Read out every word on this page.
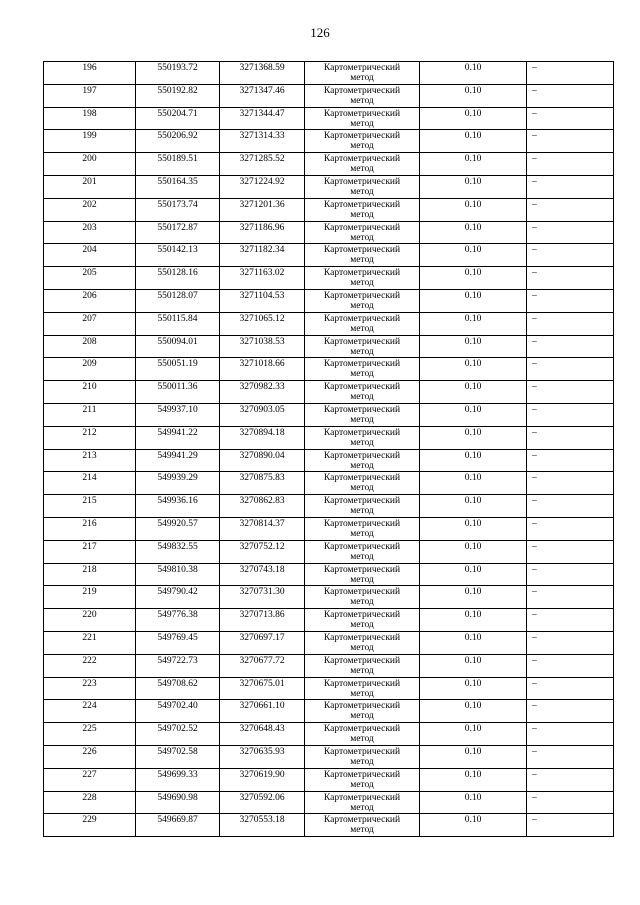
126
196	550193.72	3271368.59	Картометрический
метод	0.10	–

197	550192.82	3271347.46	Картометрический
метод	0.10	–

198	550204.71	3271344.47	Картометрический
метод	0.10	–

199	550206.92	3271314.33	Картометрический
метод	0.10	–

200	550189.51	3271285.52	Картометрический
метод	0.10	–

201	550164.35	3271224.92	Картометрический
метод	0.10	–

202	550173.74	3271201.36	Картометрический
метод	0.10	–

203	550172.87	3271186.96	Картометрический
метод	0.10	–

204	550142.13	3271182.34	Картометрический
метод	0.10	–

205	550128.16	3271163.02	Картометрический
метод	0.10	–

206	550128.07	3271104.53	Картометрический
метод	0.10	–

207	550115.84	3271065.12	Картометрический
метод	0.10	–

208	550094.01	3271038.53	Картометрический
метод	0.10	–

209	550051.19	3271018.66	Картометрический
метод	0.10	–

210	550011.36	3270982.33	Картометрический
метод	0.10	–

211	549937.10	3270903.05	Картометрический
метод	0.10	–

212	549941.22	3270894.18	Картометрический
метод	0.10	–

213	549941.29	3270890.04	Картометрический
метод	0.10	–

214	549939.29	3270875.83	Картометрический
метод	0.10	–

215	549936.16	3270862.83	Картометрический
метод	0.10	–

216	549920.57	3270814.37	Картометрический
метод	0.10	–

217	549832.55	3270752.12	Картометрический
метод	0.10	–

218	549810.38	3270743.18	Картометрический
метод	0.10	–

219	549790.42	3270731.30	Картометрический
метод	0.10	–

220	549776.38	3270713.86	Картометрический
метод	0.10	–

221	549769.45	3270697.17	Картометрический
метод	0.10	–

222	549722.73	3270677.72	Картометрический
метод	0.10	–

223	549708.62	3270675.01	Картометрический
метод	0.10	–

224	549702.40	3270661.10	Картометрический
метод	0.10	–

225	549702.52	3270648.43	Картометрический
метод	0.10	–

226	549702.58	3270635.93	Картометрический
метод	0.10	–

227	549699.33	3270619.90	Картометрический
метод	0.10	–

228	549690.98	3270592.06	Картометрический
метод	0.10	–

229	549669.87	3270553.18	Картометрический
метод	0.10	–
